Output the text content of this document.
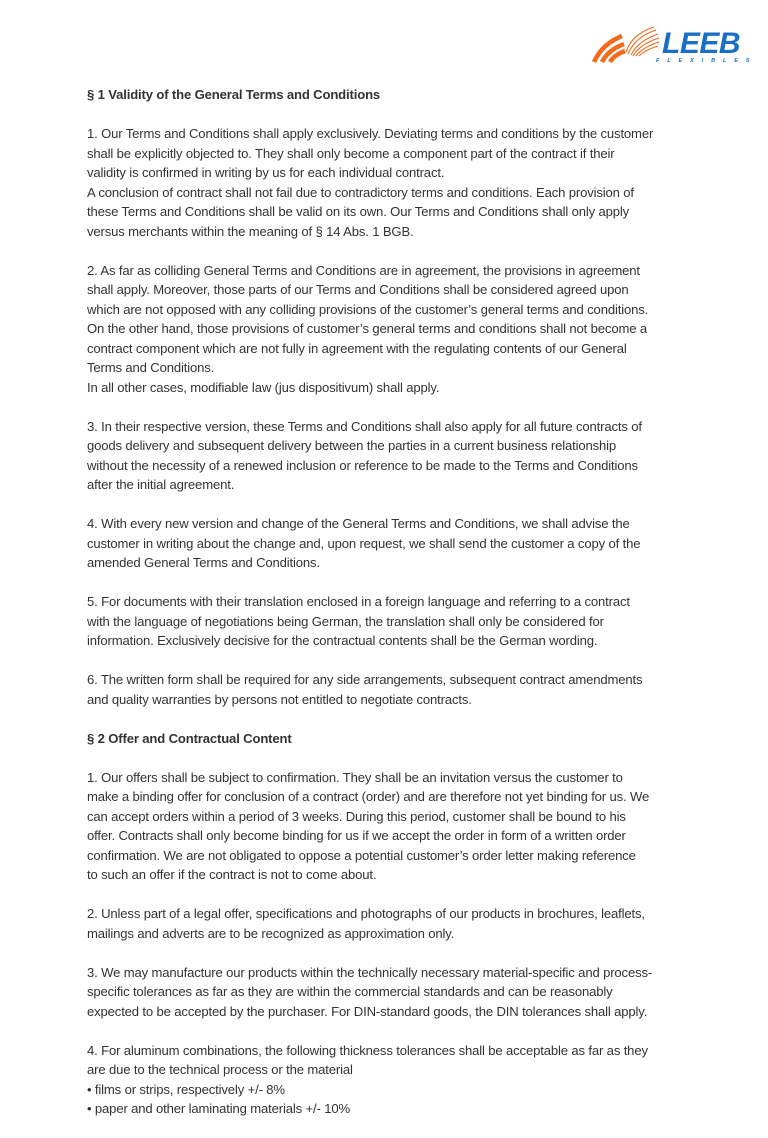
LEEB
F L E X I B L E S
§ 1 Validity of the General Terms and Conditions
1. Our Terms and Conditions shall apply exclusively. Deviating terms and conditions by the customer
shall be explicitly objected to. They shall only become a component part of the contract if their
validity is confirmed in writing by us for each individual contract.
A conclusion of contract shall not fail due to contradictory terms and conditions. Each provision of
these Terms and Conditions shall be valid on its own. Our Terms and Conditions shall only apply
versus merchants within the meaning of § 14 Abs. 1 BGB.
2. As far as colliding General Terms and Conditions are in agreement, the provisions in agreement
shall apply. Moreover, those parts of our Terms and Conditions shall be considered agreed upon
which are not opposed with any colliding provisions of the customer’s general terms and conditions.
On the other hand, those provisions of customer’s general terms and conditions shall not become a
contract component which are not fully in agreement with the regulating contents of our General
Terms and Conditions.
In all other cases, modifiable law (jus dispositivum) shall apply.
3. In their respective version, these Terms and Conditions shall also apply for all future contracts of
goods delivery and subsequent delivery between the parties in a current business relationship
without the necessity of a renewed inclusion or reference to be made to the Terms and Conditions
after the initial agreement.
4. With every new version and change of the General Terms and Conditions, we shall advise the
customer in writing about the change and, upon request, we shall send the customer a copy of the
amended General Terms and Conditions.
5. For documents with their translation enclosed in a foreign language and referring to a contract
with the language of negotiations being German, the translation shall only be considered for
information. Exclusively decisive for the contractual contents shall be the German wording.
6. The written form shall be required for any side arrangements, subsequent contract amendments
and quality warranties by persons not entitled to negotiate contracts.
§ 2 Offer and Contractual Content
1. Our offers shall be subject to confirmation. They shall be an invitation versus the customer to
make a binding offer for conclusion of a contract (order) and are therefore not yet binding for us. We
can accept orders within a period of 3 weeks. During this period, customer shall be bound to his
offer. Contracts shall only become binding for us if we accept the order in form of a written order
confirmation. We are not obligated to oppose a potential customer’s order letter making reference
to such an offer if the contract is not to come about.
2. Unless part of a legal offer, specifications and photographs of our products in brochures, leaflets,
mailings and adverts are to be recognized as approximation only.
3. We may manufacture our products within the technically necessary material-specific and process-
specific tolerances as far as they are within the commercial standards and can be reasonably
expected to be accepted by the purchaser. For DIN-standard goods, the DIN tolerances shall apply.
4. For aluminum combinations, the following thickness tolerances shall be acceptable as far as they
are due to the technical process or the material
• films or strips, respectively +/- 8%
• paper and other laminating materials +/- 10%
